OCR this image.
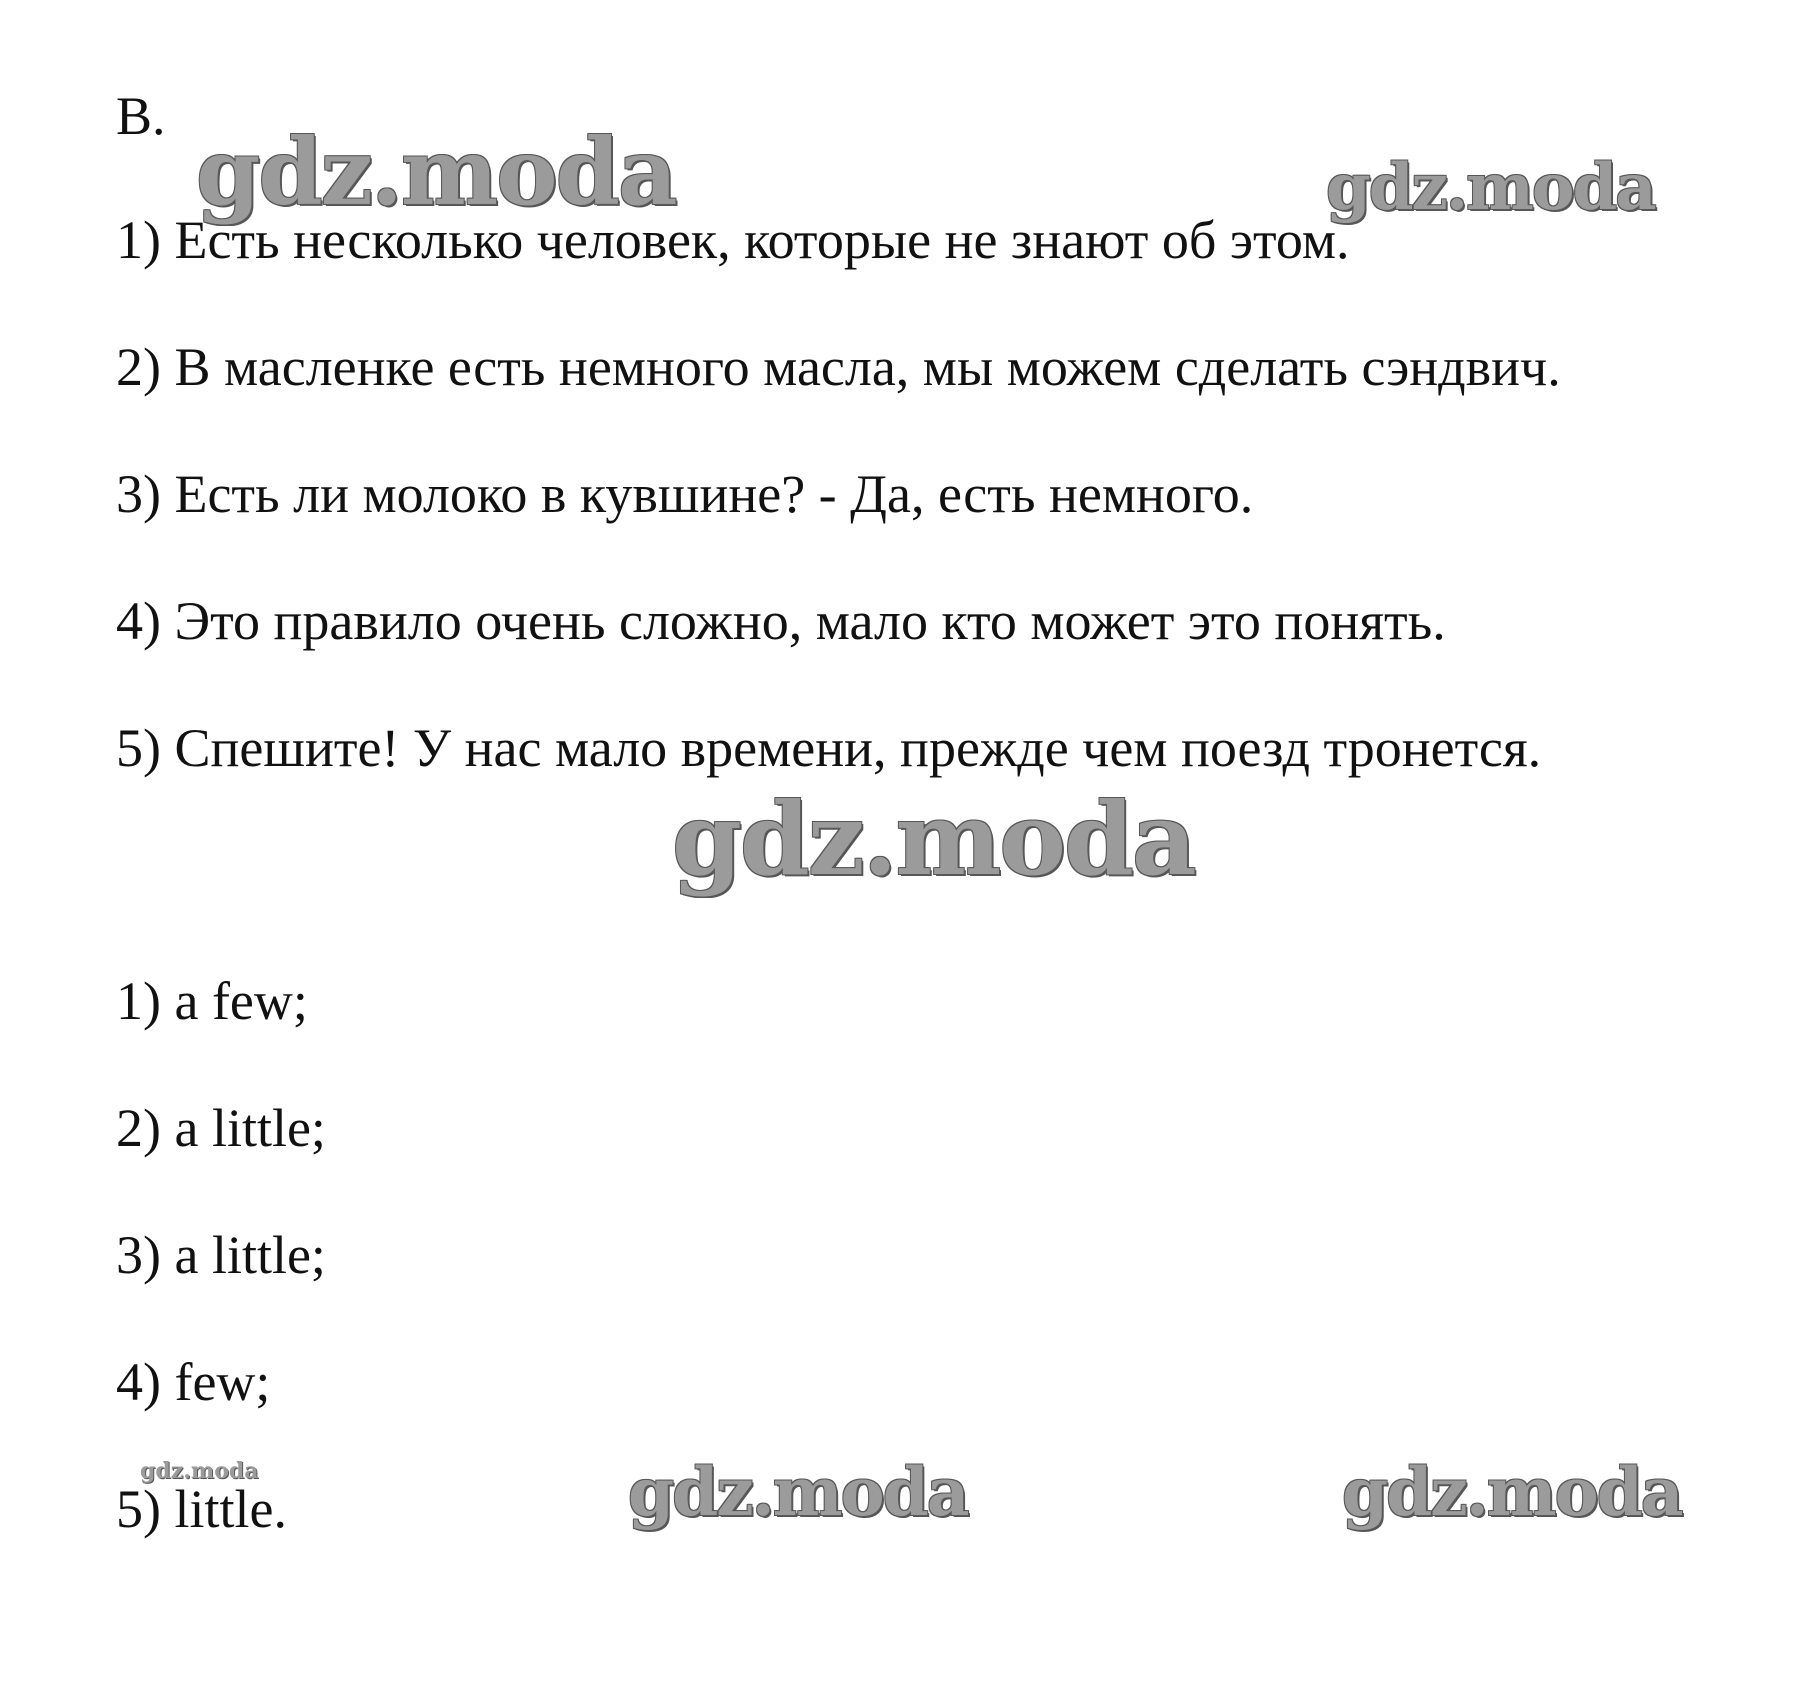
B.
1) Есть несколько человек, которые не знают об этом.
2) В масленке есть немного масла, мы можем сделать сэндвич.
3) Есть ли молоко в кувшине? - Да, есть немного.
4) Это правило очень сложно, мало кто может это понять.
5) Спешите! У нас мало времени, прежде чем поезд тронется.
1) a few;
2) a little;
3) a little;
4) few;
5) little.
gdz.moda	gdz.moda
gdz.moda
gdz.moda	gdz.moda	gdz.moda
